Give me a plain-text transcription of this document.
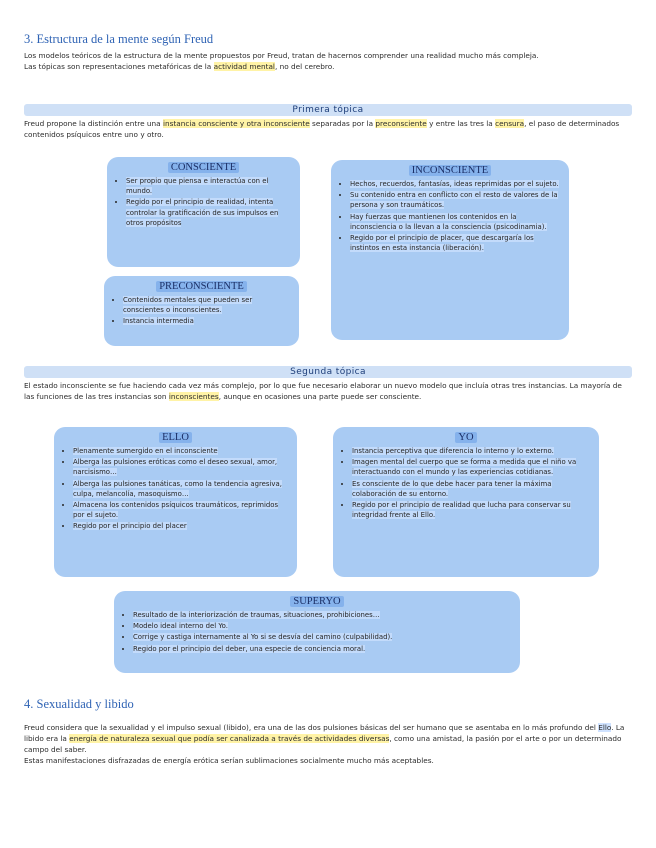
3. Estructura de la mente según Freud
Los modelos teóricos de la estructura de la mente propuestos por Freud, tratan de hacernos comprender una realidad mucho más compleja.
Las tópicas son representaciones metafóricas de la actividad mental, no del cerebro.
Primera tópica
Freud propone la distinción entre una instancia consciente y otra inconsciente separadas por la preconsciente y entre las tres la censura, el paso de determinados contenidos psíquicos entre uno y otro.
CONSCIENTE
• Ser propio que piensa e interactúa con el mundo.
• Regido por el principio de realidad, intenta controlar la gratificación de sus impulsos en otros propósitos
PRECONSCIENTE
• Contenidos mentales que pueden ser conscientes o inconscientes.
• Instancia intermedia
INCONSCIENTE
• Hechos, recuerdos, fantasías, ideas reprimidas por el sujeto.
• Su contenido entra en conflicto con el resto de valores de la persona y son traumáticos.
• Hay fuerzas que mantienen los contenidos en la inconsciencia o la llevan a la consciencia (psicodinamia).
• Regido por el principio de placer, que descargaría los instintos en esta instancia (liberación).
Segunda tópica
El estado inconsciente se fue haciendo cada vez más complejo, por lo que fue necesario elaborar un nuevo modelo que incluía otras tres instancias. La mayoría de las funciones de las tres instancias son inconscientes, aunque en ocasiones una parte puede ser consciente.
ELLO
• Plenamente sumergido en el inconsciente
• Alberga las pulsiones eróticas como el deseo sexual, amor, narcisismo…
• Alberga las pulsiones tanáticas, como la tendencia agresiva, culpa, melancolía, masoquismo…
• Almacena los contenidos psíquicos traumáticos, reprimidos por el sujeto.
• Regido por el principio del placer
YO
• Instancia perceptiva que diferencia lo interno y lo externo.
• Imagen mental del cuerpo que se forma a medida que el niño va interactuando con el mundo y las experiencias cotidianas.
• Es consciente de lo que debe hacer para tener la máxima colaboración de su entorno.
• Regido por el principio de realidad que lucha para conservar su integridad frente al Ello.
SUPERYO
• Resultado de la interiorización de traumas, situaciones, prohibiciones…
• Modelo ideal interno del Yo.
• Corrige y castiga internamente al Yo si se desvía del camino (culpabilidad).
• Regido por el principio del deber, una especie de conciencia moral.
4. Sexualidad y libido
Freud considera que la sexualidad y el impulso sexual (libido), era una de las dos pulsiones básicas del ser humano que se asentaba en lo más profundo del Ello. La libido era la energía de naturaleza sexual que podía ser canalizada a través de actividades diversas, como una amistad, la pasión por el arte o por un determinado campo del saber.
Estas manifestaciones disfrazadas de energía erótica serían sublimaciones socialmente mucho más aceptables.
